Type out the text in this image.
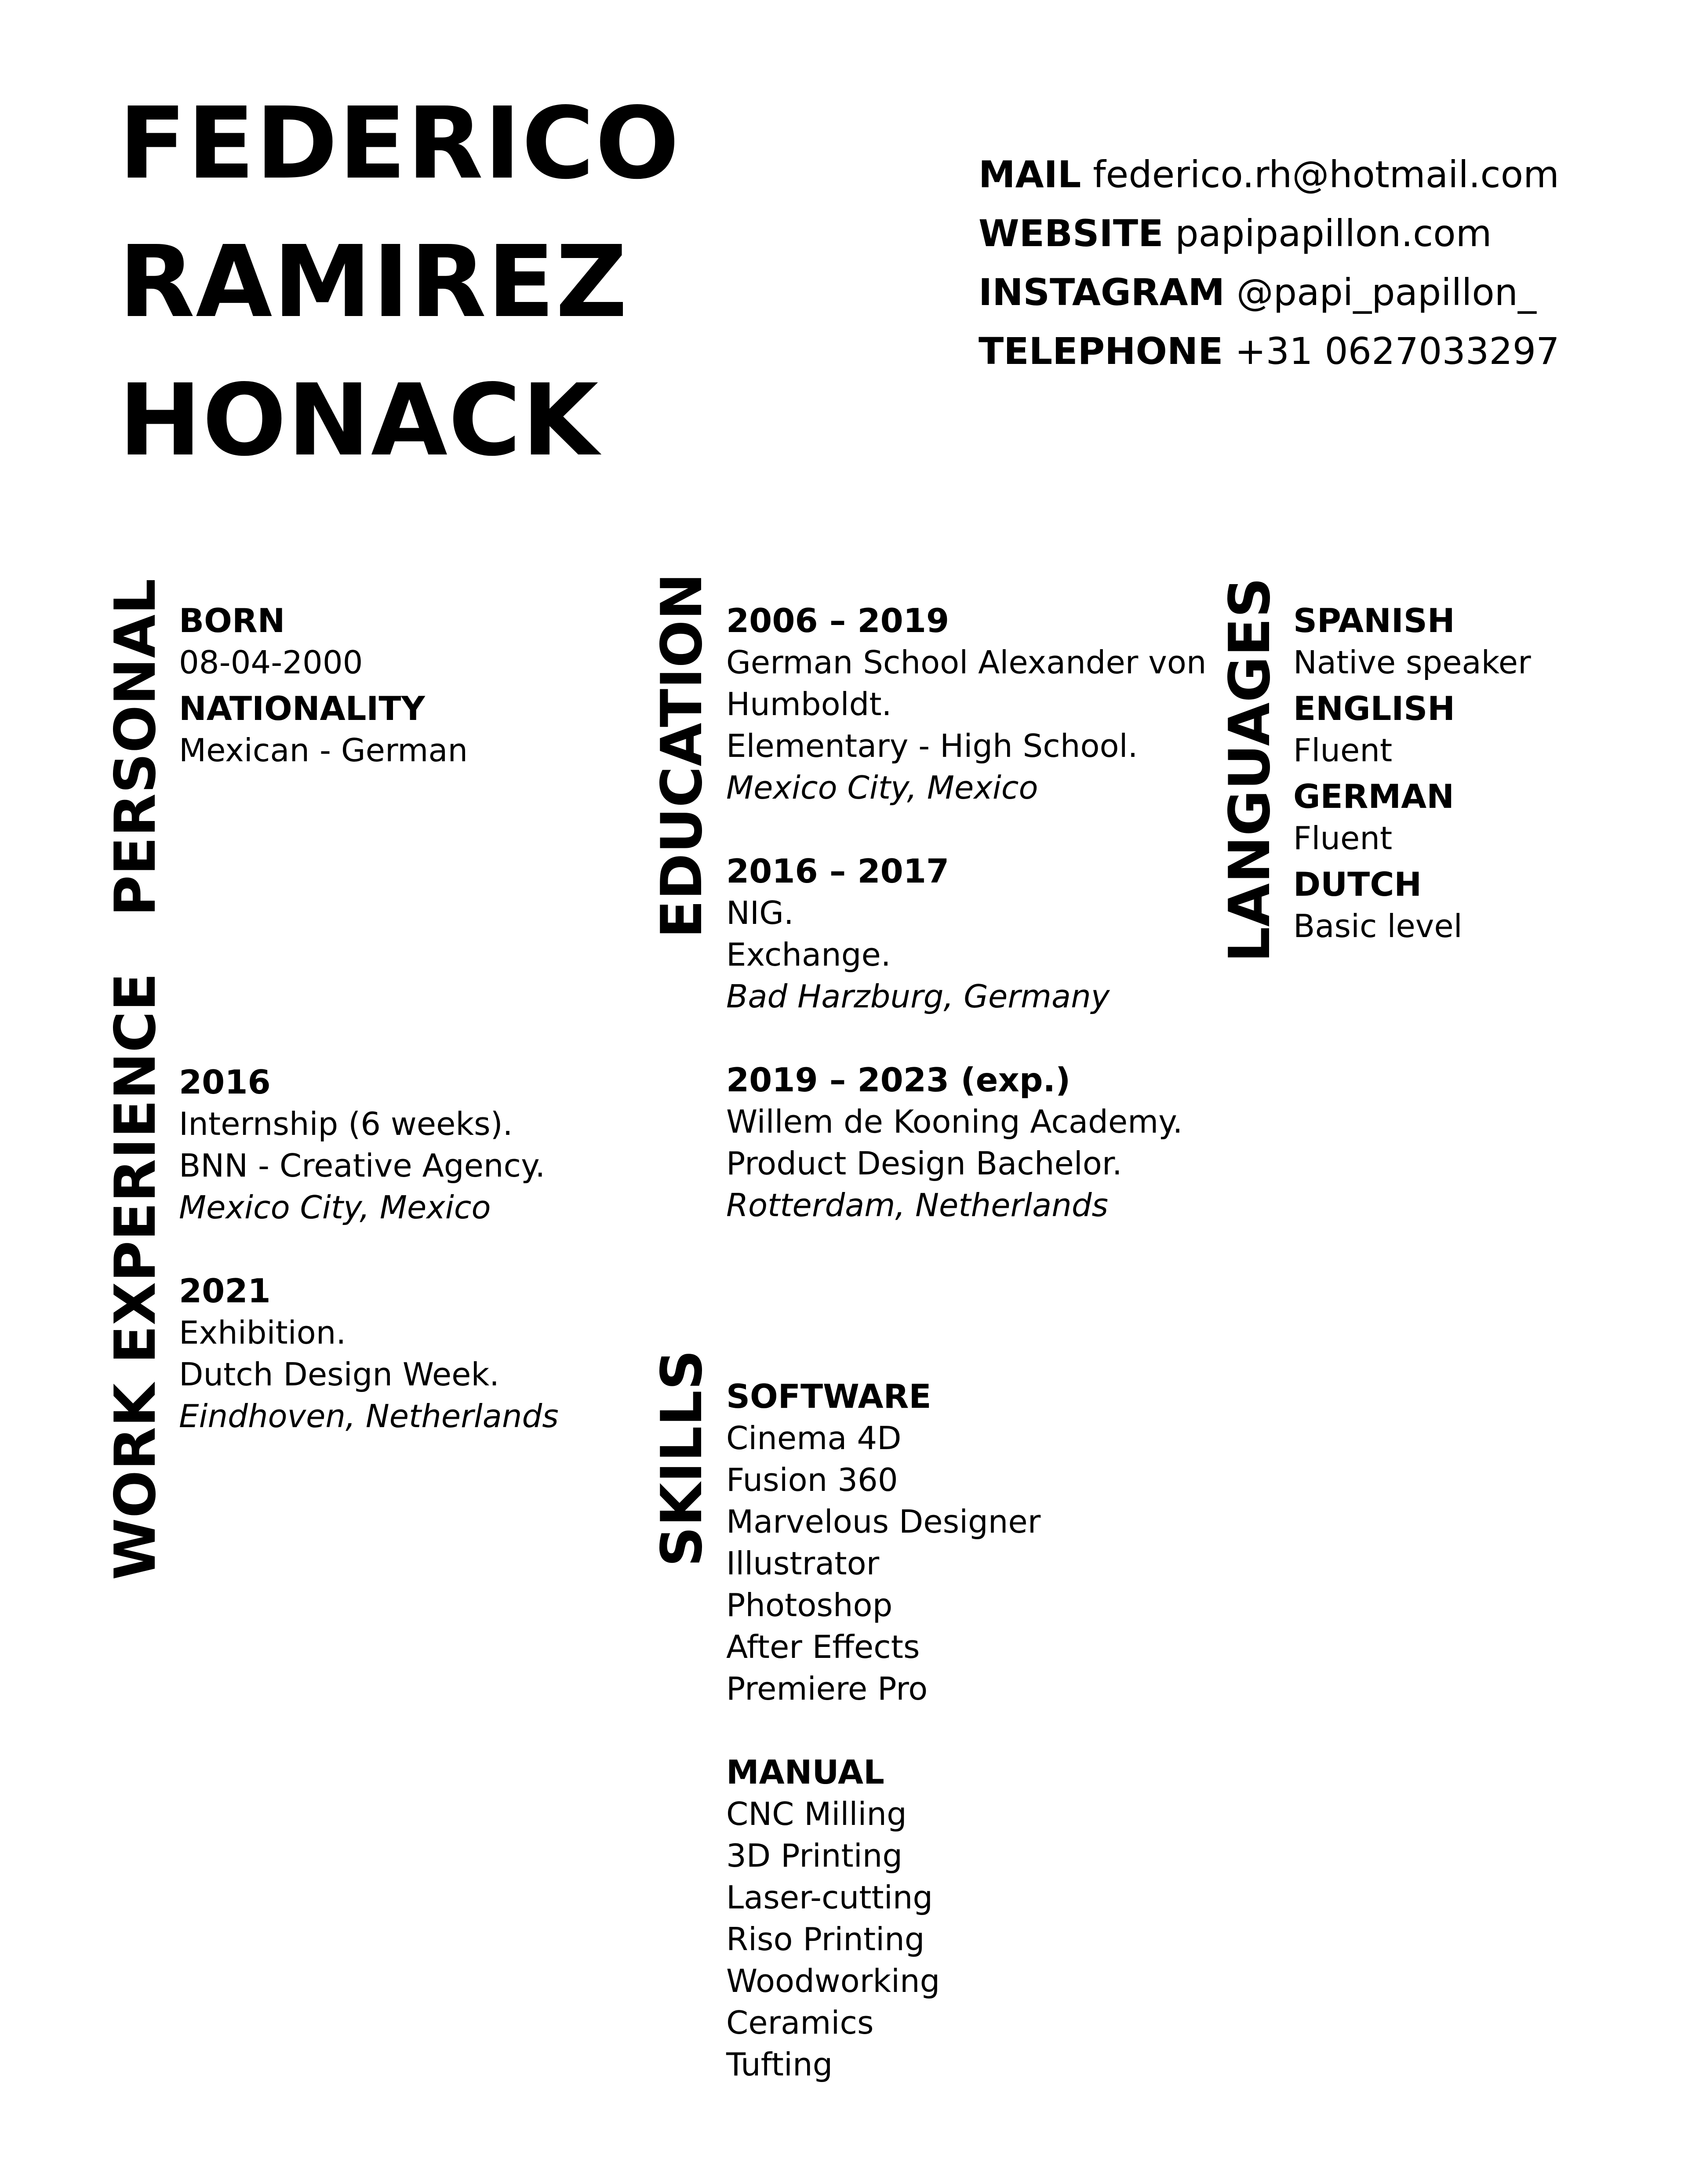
FEDERICO
RAMIREZ
HONACK
MAIL federico.rh@hotmail.com
WEBSITE papipapillon.com
INSTAGRAM @papi_papillon_
TELEPHONE +31 0627033297
PERSONAL
WORK EXPERIENCE
EDUCATION
SKILLS
LANGUAGES
BORN
08-04-2000
NATIONALITY
Mexican - German
2016
Internship (6 weeks).
BNN - Creative Agency.
Mexico City, Mexico
2021
Exhibition.
Dutch Design Week.
Eindhoven, Netherlands
2006 – 2019
German School Alexander von
Humboldt.
Elementary - High School.
Mexico City, Mexico
2016 – 2017
NIG.
Exchange.
Bad Harzburg, Germany
2019 – 2023 (exp.)
Willem de Kooning Academy.
Product Design Bachelor.
Rotterdam, Netherlands
SOFTWARE
Cinema 4D
Fusion 360
Marvelous Designer
Illustrator
Photoshop
After Effects
Premiere Pro
MANUAL
CNC Milling
3D Printing
Laser-cutting
Riso Printing
Woodworking
Ceramics
Tufting
SPANISH
Native speaker
ENGLISH
Fluent
GERMAN
Fluent
DUTCH
Basic level
